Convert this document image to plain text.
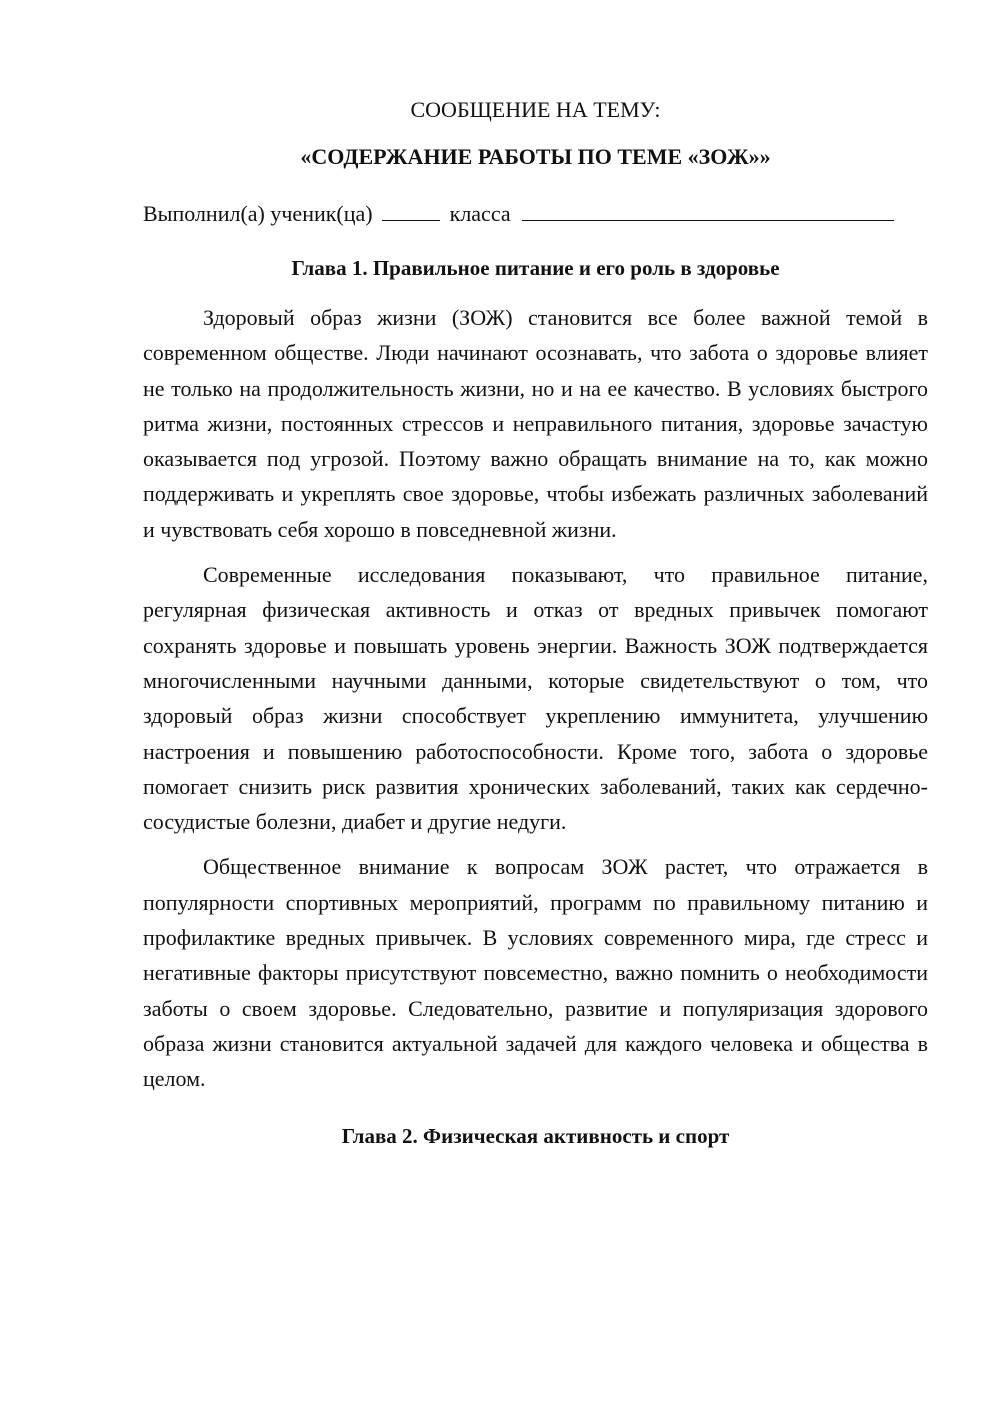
СООБЩЕНИЕ НА ТЕМУ:

«СОДЕРЖАНИЕ РАБОТЫ ПО ТЕМЕ «ЗОЖ»»

Выполнил(а) ученик(ца)	класса

Глава 1. Правильное питание и его роль в здоровье

Здоровый образ жизни (ЗОЖ) становится все более важной темой в современном обществе. Люди начинают осознавать, что забота о здоровье влияет не только на продолжительность жизни, но и на ее качество. В условиях быстрого ритма жизни, постоянных стрессов и неправильного питания, здоровье зачастую оказывается под угрозой. Поэтому важно обращать внимание на то, как можно поддерживать и укреплять свое здоровье, чтобы избежать различных заболеваний и чувствовать себя хорошо в повседневной жизни.

Современные исследования показывают, что правильное питание, регулярная физическая активность и отказ от вредных привычек помогают сохранять здоровье и повышать уровень энергии. Важность ЗОЖ подтверждается многочисленными научными данными, которые свидетельствуют о том, что здоровый образ жизни способствует укреплению иммунитета, улучшению настроения и повышению работоспособности. Кроме того, забота о здоровье помогает снизить риск развития хронических заболеваний, таких как сердечно-сосудистые болезни, диабет и другие недуги.

Общественное внимание к вопросам ЗОЖ растет, что отражается в популярности спортивных мероприятий, программ по правильному питанию и профилактике вредных привычек. В условиях современного мира, где стресс и негативные факторы присутствуют повсеместно, важно помнить о необходимости заботы о своем здоровье. Следовательно, развитие и популяризация здорового образа жизни становится актуальной задачей для каждого человека и общества в целом.

Глава 2. Физическая активность и спорт
